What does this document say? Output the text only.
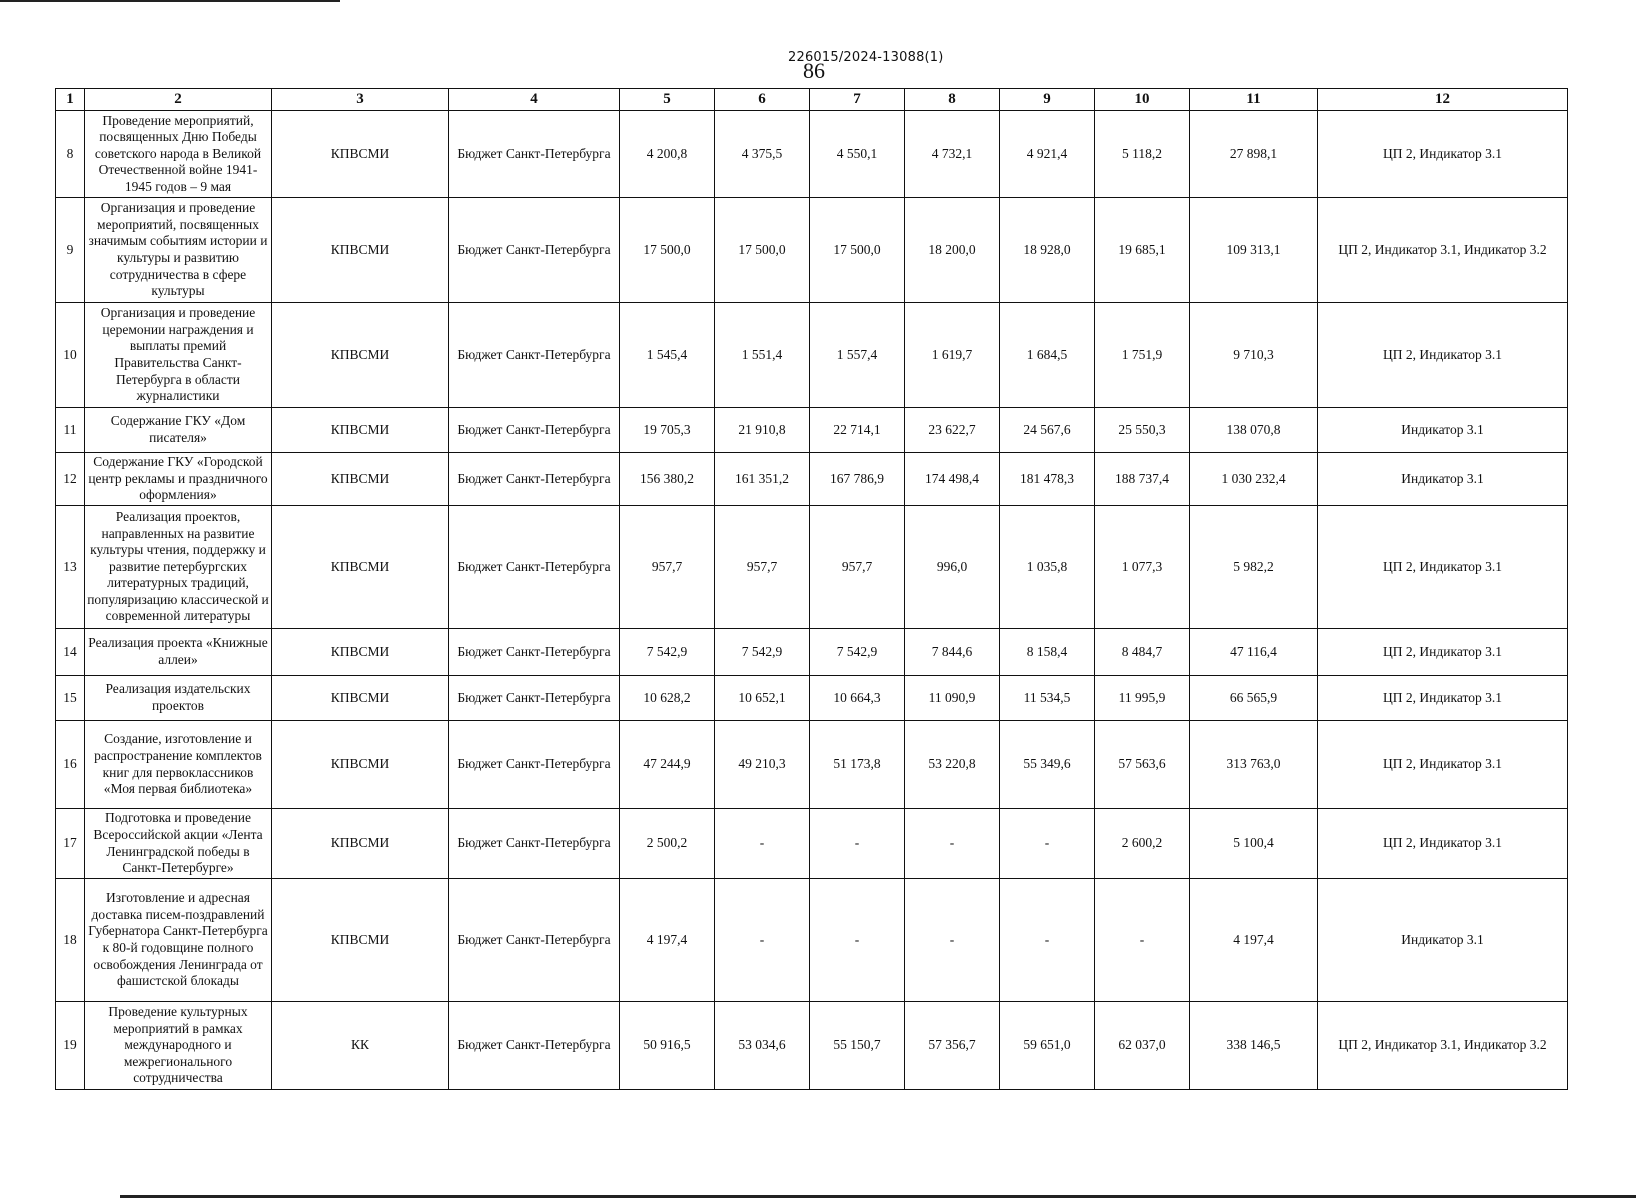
226015/2024-13088(1)
86
1	2	3	4	5	6	7	8	9	10	11	12
8	Проведение мероприятий, посвященных Дню Победы советского народа в Великой Отечественной войне 1941-1945 годов – 9 мая	КПВСМИ	Бюджет Санкт-Петербурга	4 200,8	4 375,5	4 550,1	4 732,1	4 921,4	5 118,2	27 898,1	ЦП 2, Индикатор 3.1
9	Организация и проведение мероприятий, посвященных значимым событиям истории и культуры и развитию сотрудничества в сфере культуры	КПВСМИ	Бюджет Санкт-Петербурга	17 500,0	17 500,0	17 500,0	18 200,0	18 928,0	19 685,1	109 313,1	ЦП 2, Индикатор 3.1, Индикатор 3.2
10	Организация и проведение церемонии награждения и выплаты премий Правительства Санкт-Петербурга в области журналистики	КПВСМИ	Бюджет Санкт-Петербурга	1 545,4	1 551,4	1 557,4	1 619,7	1 684,5	1 751,9	9 710,3	ЦП 2, Индикатор 3.1
11	Содержание ГКУ «Дом писателя»	КПВСМИ	Бюджет Санкт-Петербурга	19 705,3	21 910,8	22 714,1	23 622,7	24 567,6	25 550,3	138 070,8	Индикатор 3.1
12	Содержание ГКУ «Городской центр рекламы и праздничного оформления»	КПВСМИ	Бюджет Санкт-Петербурга	156 380,2	161 351,2	167 786,9	174 498,4	181 478,3	188 737,4	1 030 232,4	Индикатор 3.1
13	Реализация проектов, направленных на развитие культуры чтения, поддержку и развитие петербургских литературных традиций, популяризацию классической и современной литературы	КПВСМИ	Бюджет Санкт-Петербурга	957,7	957,7	957,7	996,0	1 035,8	1 077,3	5 982,2	ЦП 2, Индикатор 3.1
14	Реализация проекта «Книжные аллеи»	КПВСМИ	Бюджет Санкт-Петербурга	7 542,9	7 542,9	7 542,9	7 844,6	8 158,4	8 484,7	47 116,4	ЦП 2, Индикатор 3.1
15	Реализация издательских проектов	КПВСМИ	Бюджет Санкт-Петербурга	10 628,2	10 652,1	10 664,3	11 090,9	11 534,5	11 995,9	66 565,9	ЦП 2, Индикатор 3.1
16	Создание, изготовление и распространение комплектов книг для первоклассников «Моя первая библиотека»	КПВСМИ	Бюджет Санкт-Петербурга	47 244,9	49 210,3	51 173,8	53 220,8	55 349,6	57 563,6	313 763,0	ЦП 2, Индикатор 3.1
17	Подготовка и проведение Всероссийской акции «Лента Ленинградской победы в Санкт-Петербурге»	КПВСМИ	Бюджет Санкт-Петербурга	2 500,2	-	-	-	-	2 600,2	5 100,4	ЦП 2, Индикатор 3.1
18	Изготовление и адресная доставка писем-поздравлений Губернатора Санкт-Петербурга к 80-й годовщине полного освобождения Ленинграда от фашистской блокады	КПВСМИ	Бюджет Санкт-Петербурга	4 197,4	-	-	-	-	-	4 197,4	Индикатор 3.1
19	Проведение культурных мероприятий в рамках международного и межрегионального сотрудничества	КК	Бюджет Санкт-Петербурга	50 916,5	53 034,6	55 150,7	57 356,7	59 651,0	62 037,0	338 146,5	ЦП 2, Индикатор 3.1, Индикатор 3.2
